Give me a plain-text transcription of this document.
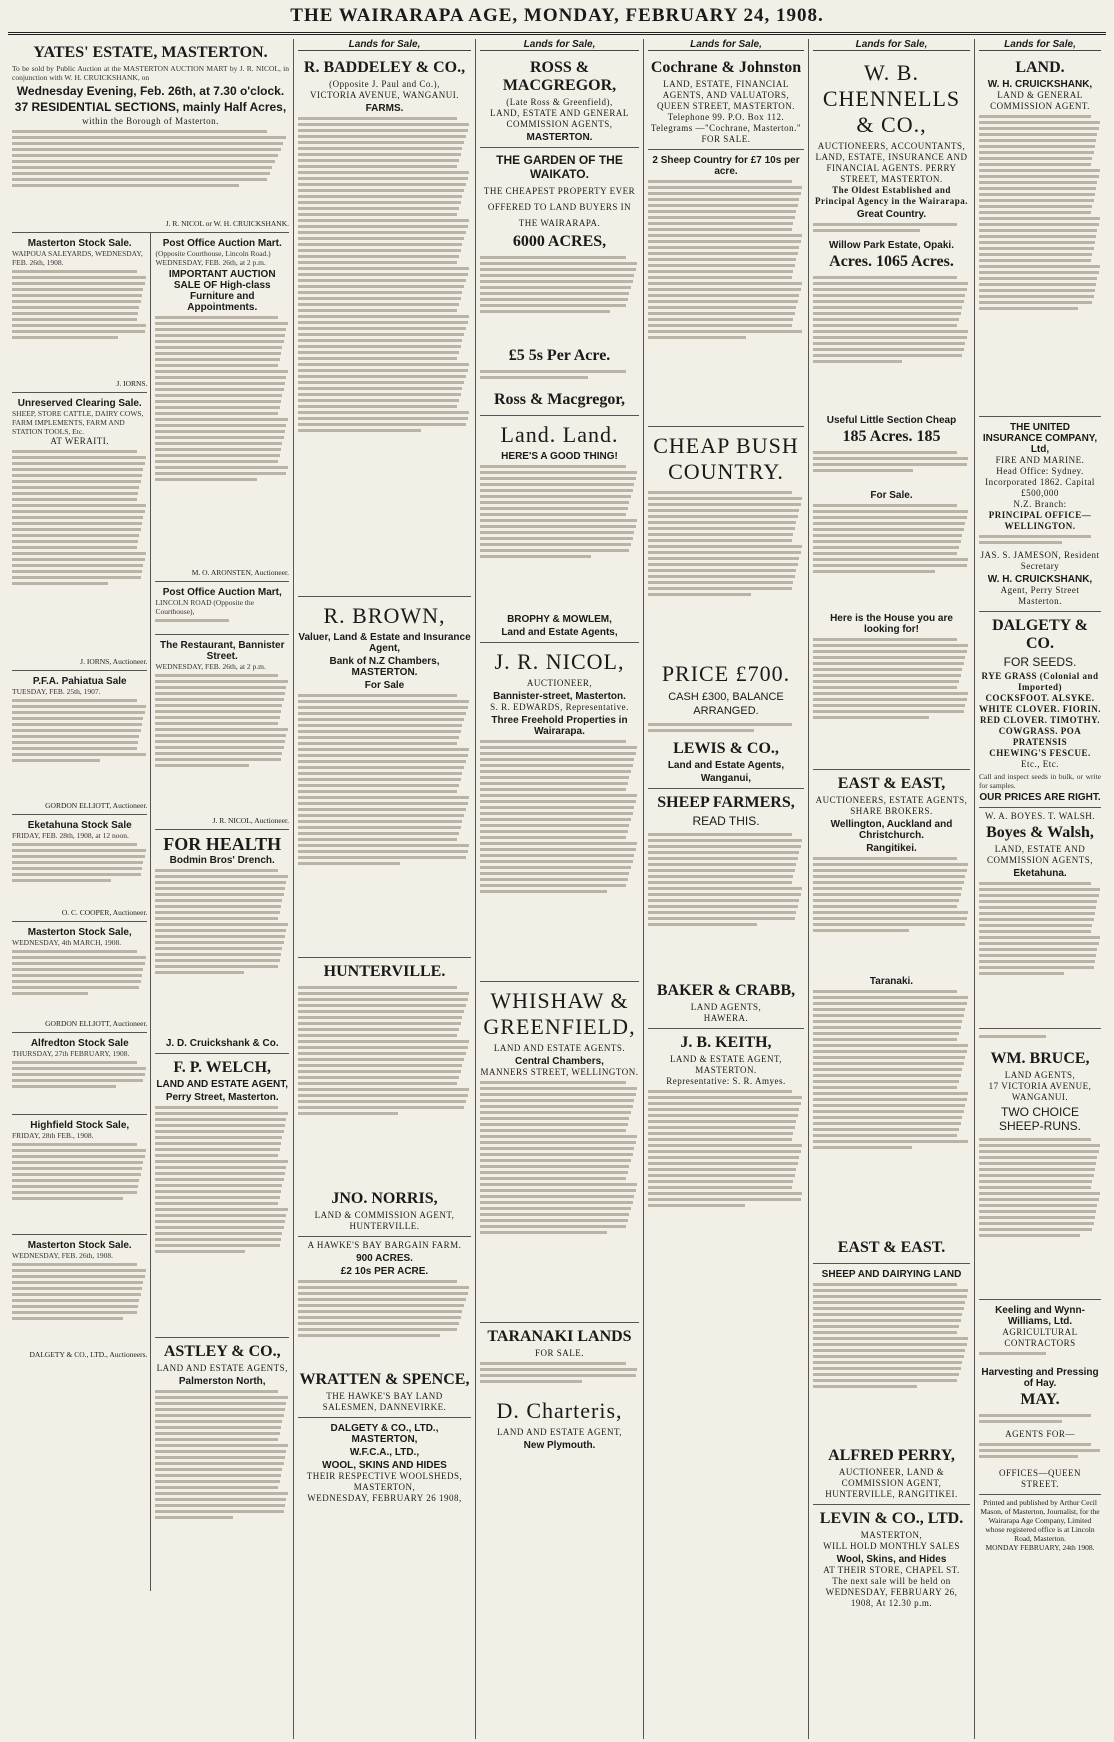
THE WAIRARAPA AGE, MONDAY, FEBRUARY 24, 1908.
YATES' ESTATE, MASTERTON.
To be sold by Public Auction at the MASTERTON AUCTION MART by J. R. NICOL, in conjunction with W. H. CRUICKSHANK, on
Wednesday Evening, Feb. 26th, at 7.30 o'clock.
37 RESIDENTIAL SECTIONS, mainly Half Acres,
within the Borough of Masterton.
J. R. NICOL or W. H. CRUICKSHANK.
Masterton Stock Sale.
WAIPOUA SALEYARDS, WEDNESDAY, FEB. 26th, 1908.
J. IORNS.
Unreserved Clearing Sale.
SHEEP, STORE CATTLE, DAIRY COWS, FARM IMPLEMENTS, FARM AND STATION TOOLS, Etc.
AT WERAITI.
J. IORNS, Auctioneer.
P.F.A. Pahiatua Sale
TUESDAY, FEB. 25th, 1907.
GORDON ELLIOTT, Auctioneer.
Eketahuna Stock Sale
FRIDAY, FEB. 28th, 1908, at 12 noon.
O. C. COOPER, Auctioneer.
Masterton Stock Sale,
WEDNESDAY, 4th MARCH, 1908.
GORDON ELLIOTT, Auctioneer.
Alfredton Stock Sale
THURSDAY, 27th FEBRUARY, 1908.
Highfield Stock Sale,
FRIDAY, 28th FEB., 1908.
Masterton Stock Sale.
WEDNESDAY, FEB. 26th, 1908.
DALGETY & CO., LTD., Auctioneers.
Post Office Auction Mart.
(Opposite Courthouse, Lincoln Road.)
WEDNESDAY, FEB. 26th, at 2 p.m.
IMPORTANT AUCTION SALE OF High-class Furniture and Appointments.
M. O. ARONSTEN, Auctioneer.
Post Office Auction Mart,
LINCOLN ROAD (Opposite the Courthouse),
The Restaurant, Bannister Street.
WEDNESDAY, FEB. 26th, at 2 p.m.
J. R. NICOL, Auctioneer.
FOR HEALTH
Bodmin Bros' Drench.
J. D. Cruickshank & Co.
F. P. WELCH,
LAND AND ESTATE AGENT,
Perry Street, Masterton.
ASTLEY & CO.,
LAND AND ESTATE AGENTS,
Palmerston North,
Lands for Sale,
R. BADDELEY & CO.,
(Opposite J. Paul and Co.),
VICTORIA AVENUE, WANGANUI.
FARMS.
R. BROWN,
Valuer, Land & Estate and Insurance Agent,
Bank of N.Z Chambers, MASTERTON.
For Sale
HUNTERVILLE.
JNO. NORRIS,
LAND & COMMISSION AGENT,
HUNTERVILLE.
A HAWKE'S BAY BARGAIN FARM.
900 ACRES.
£2 10s PER ACRE.
WRATTEN & SPENCE,
THE HAWKE'S BAY LAND SALESMEN, DANNEVIRKE.
DALGETY & CO., LTD., MASTERTON,
W.F.C.A., LTD.,
WOOL, SKINS AND HIDES
THEIR RESPECTIVE WOOLSHEDS, MASTERTON,
WEDNESDAY, FEBRUARY 26 1908,
Lands for Sale,
ROSS & MACGREGOR,
(Late Ross & Greenfield),
LAND, ESTATE AND GENERAL COMMISSION AGENTS,
MASTERTON.
THE GARDEN OF THE WAIKATO.
THE CHEAPEST PROPERTY EVER OFFERED TO LAND BUYERS IN THE WAIRARAPA.
6000 ACRES,
£5 5s Per Acre.
Ross & Macgregor,
Land. Land.
HERE'S A GOOD THING!
BROPHY & MOWLEM,
Land and Estate Agents,
J. R. NICOL,
AUCTIONEER,
Bannister-street, Masterton.
S. R. EDWARDS, Representative.
Three Freehold Properties in Wairarapa.
WHISHAW & GREENFIELD,
LAND AND ESTATE AGENTS.
Central Chambers,
MANNERS STREET, WELLINGTON.
TARANAKI LANDS
FOR SALE.
D. Charteris,
LAND AND ESTATE AGENT,
New Plymouth.
Lands for Sale,
Cochrane & Johnston
LAND, ESTATE, FINANCIAL AGENTS, AND VALUATORS,
QUEEN STREET, MASTERTON.
Telephone 99. P.O. Box 112. Telegrams —"Cochrane, Masterton."
FOR SALE.
2 Sheep Country for £7 10s per acre.
CHEAP BUSH COUNTRY.
PRICE £700.
CASH £300, BALANCE ARRANGED.
LEWIS & CO.,
Land and Estate Agents,
Wanganui,
SHEEP FARMERS,
READ THIS.
BAKER & CRABB,
LAND AGENTS,
HAWERA.
J. B. KEITH,
LAND & ESTATE AGENT,
MASTERTON.
Representative: S. R. Amyes.
Lands for Sale,
W. B. CHENNELLS & CO.,
AUCTIONEERS, ACCOUNTANTS, LAND, ESTATE, INSURANCE AND FINANCIAL AGENTS. PERRY STREET, MASTERTON.
The Oldest Established and Principal Agency in the Wairarapa.
Great Country.
Willow Park Estate, Opaki.
Acres. 1065 Acres.
Useful Little Section Cheap
185 Acres. 185
For Sale.
Here is the House you are looking for!
EAST & EAST,
AUCTIONEERS, ESTATE AGENTS, SHARE BROKERS.
Wellington, Auckland and Christchurch.
Rangitikei.
Taranaki.
EAST & EAST.
SHEEP AND DAIRYING LAND
ALFRED PERRY,
AUCTIONEER, LAND & COMMISSION AGENT, HUNTERVILLE, RANGITIKEI.
LEVIN & CO., LTD.
MASTERTON,
WILL HOLD MONTHLY SALES
Wool, Skins, and Hides
AT THEIR STORE, CHAPEL ST.
The next sale will be held on WEDNESDAY, FEBRUARY 26, 1908, At 12.30 p.m.
Lands for Sale,
LAND.
W. H. CRUICKSHANK,
LAND & GENERAL COMMISSION AGENT.
THE UNITED INSURANCE COMPANY, Ltd,
FIRE AND MARINE.
Head Office: Sydney.
Incorporated 1862. Capital £500,000
N.Z. Branch:
PRINCIPAL OFFICE—WELLINGTON.
JAS. S. JAMESON, Resident Secretary
W. H. CRUICKSHANK,
Agent, Perry Street Masterton.
DALGETY & CO.
FOR SEEDS.
RYE GRASS (Colonial and Imported)
COCKSFOOT. ALSYKE.
WHITE CLOVER. FIORIN.
RED CLOVER. TIMOTHY.
COWGRASS. POA PRATENSIS
CHEWING'S FESCUE.
Etc., Etc.
Call and inspect seeds in bulk, or write for samples.
OUR PRICES ARE RIGHT.
W. A. BOYES. T. WALSH.
Boyes & Walsh,
LAND, ESTATE AND COMMISSION AGENTS,
Eketahuna.
WM. BRUCE,
LAND AGENTS,
17 VICTORIA AVENUE, WANGANUI.
TWO CHOICE SHEEP-RUNS.
Keeling and Wynn-Williams, Ltd.
AGRICULTURAL CONTRACTORS
Harvesting and Pressing of Hay.
MAY.
AGENTS FOR—
OFFICES—QUEEN STREET.
Printed and published by Arthur Cecil Mason, of Masterton, Journalist, for the Wairarapa Age Company, Limited whose registered office is at Lincoln Road, Masterton.
MONDAY FEBRUARY, 24th 1908.
